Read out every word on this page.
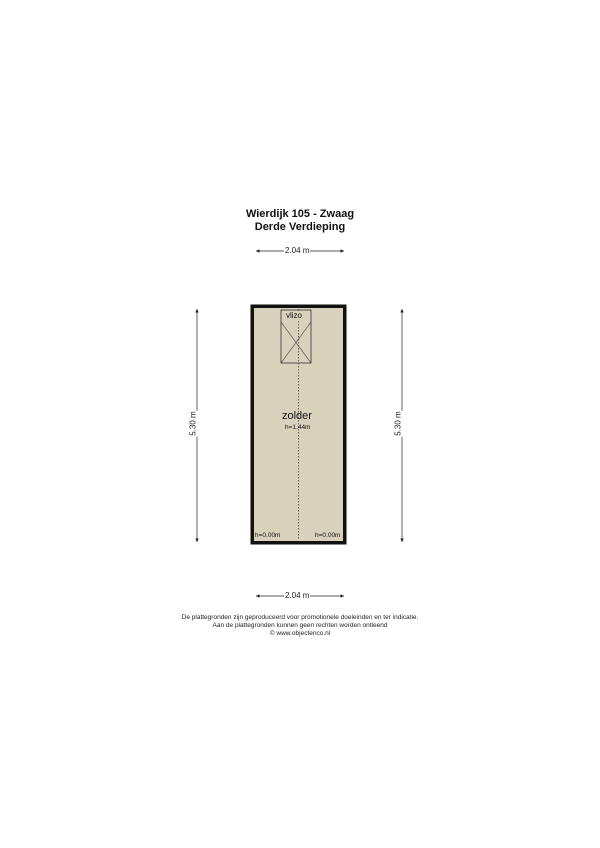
Wierdijk 105 - Zwaag
Derde Verdieping
2.04 m
2.04 m
5.30 m	5.30 m
vlizo
zolder
h=1.44m
h=0.00m	h=0.00m
De plattegronden zijn geproduceerd voor promotionele doeleinden en ter indicatie.
Aan de plattegronden kunnen geen rechten worden ontleend
© www.objectenco.nl
